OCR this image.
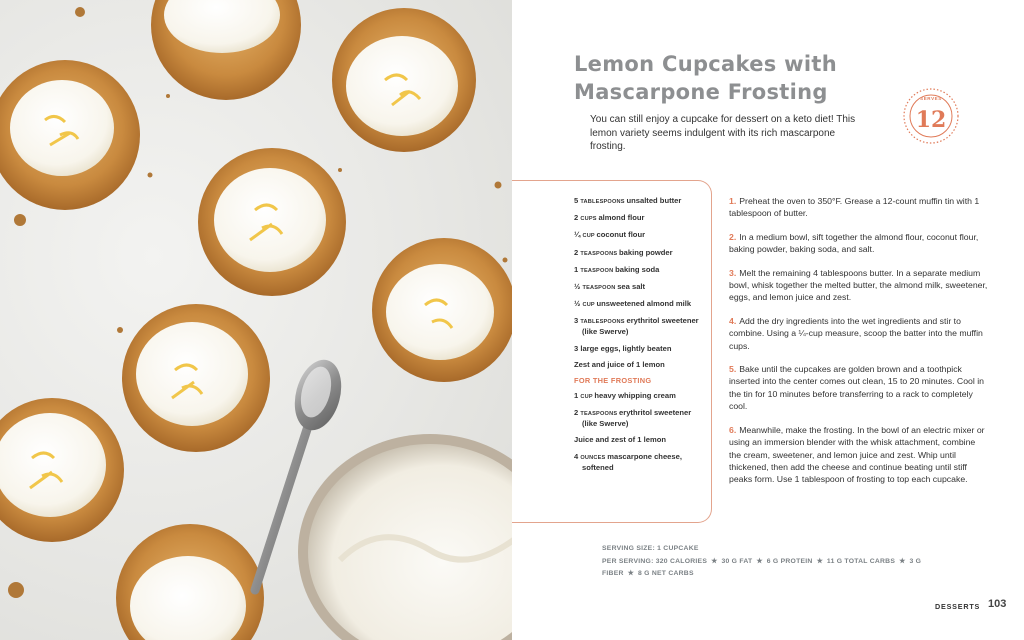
Lemon Cupcakes with Mascarpone Frosting

You can still enjoy a cupcake for dessert on a keto diet! This lemon variety seems indulgent with its rich mascarpone frosting.

SERVES
12
5 TABLESPOONS unsalted butter
2 CUPS almond flour
¼ CUP coconut flour
2 TEASPOONS baking powder
1 TEASPOON baking soda
½ TEASPOON sea salt
½ CUP unsweetened almond milk
3 TABLESPOONS erythritol sweetener (like Swerve)
3 large eggs, lightly beaten
Zest and juice of 1 lemon
FOR THE FROSTING
1 CUP heavy whipping cream
2 TEASPOONS erythritol sweetener (like Swerve)
Juice and zest of 1 lemon
4 OUNCES mascarpone cheese, softened

1. Preheat the oven to 350°F. Grease a 12-count muffin tin with 1 tablespoon of butter.

2. In a medium bowl, sift together the almond flour, coconut flour, baking powder, baking soda, and salt.

3. Melt the remaining 4 tablespoons butter. In a separate medium bowl, whisk together the melted butter, the almond milk, sweetener, eggs, and lemon juice and zest.

4. Add the dry ingredients into the wet ingredients and stir to combine. Using a ¼-cup measure, scoop the batter into the muffin cups.

5. Bake until the cupcakes are golden brown and a toothpick inserted into the center comes out clean, 15 to 20 minutes. Cool in the tin for 10 minutes before transferring to a rack to completely cool.

6. Meanwhile, make the frosting. In the bowl of an electric mixer or using an immersion blender with the whisk attachment, combine the cream, sweetener, and lemon juice and zest. Whip until thickened, then add the cheese and continue beating until stiff peaks form. Use 1 tablespoon of frosting to top each cupcake.

SERVING SIZE: 1 CUPCAKE
PER SERVING: 320 CALORIES ★ 30 G FAT ★ 6 G PROTEIN ★ 11 G TOTAL CARBS ★ 3 G FIBER ★ 8 G NET CARBS
DESSERTS 103
